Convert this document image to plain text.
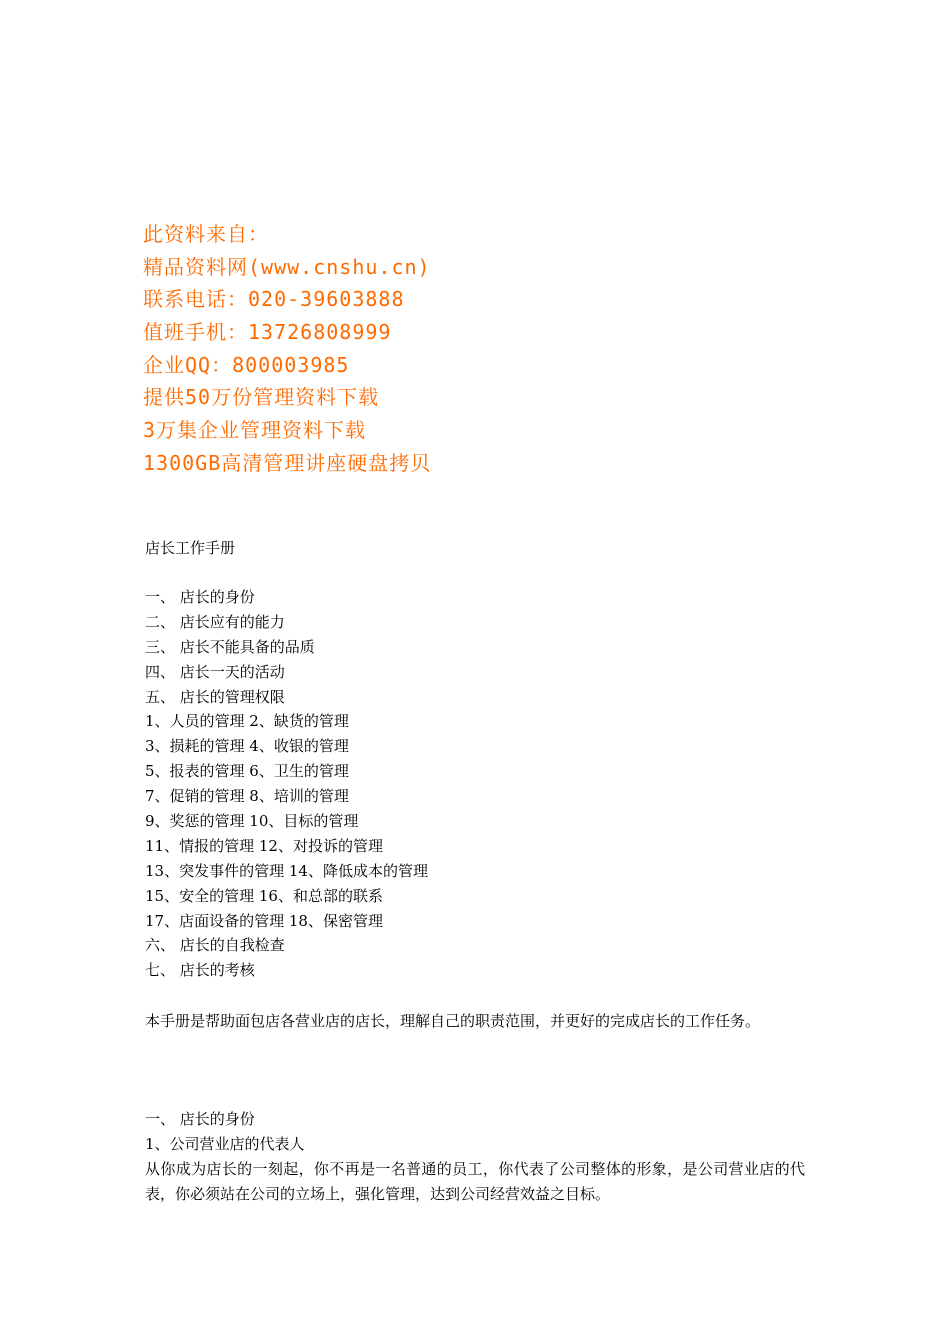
此资料来自：
精品资料网(www.cnshu.cn)
联系电话：020-39603888
值班手机：13726808999
企业QQ：800003985
提供50万份管理资料下载
3万集企业管理资料下载
1300GB高清管理讲座硬盘拷贝
店长工作手册
一、 店长的身份
二、 店长应有的能力
三、 店长不能具备的品质
四、 店长一天的活动
五、 店长的管理权限
1、人员的管理 2、缺货的管理
3、损耗的管理 4、收银的管理
5、报表的管理 6、卫生的管理
7、促销的管理 8、培训的管理
9、奖惩的管理 10、目标的管理
11、情报的管理 12、对投诉的管理
13、突发事件的管理 14、降低成本的管理
15、安全的管理 16、和总部的联系
17、店面设备的管理 18、保密管理
六、 店长的自我检查
七、 店长的考核
本手册是帮助面包店各营业店的店长，理解自己的职责范围，并更好的完成店长的工作任务。
一、 店长的身份
1、公司营业店的代表人
从你成为店长的一刻起，你不再是一名普通的员工，你代表了公司整体的形象，是公司营业店的代表，你必须站在公司的立场上，强化管理，达到公司经营效益之目标。
